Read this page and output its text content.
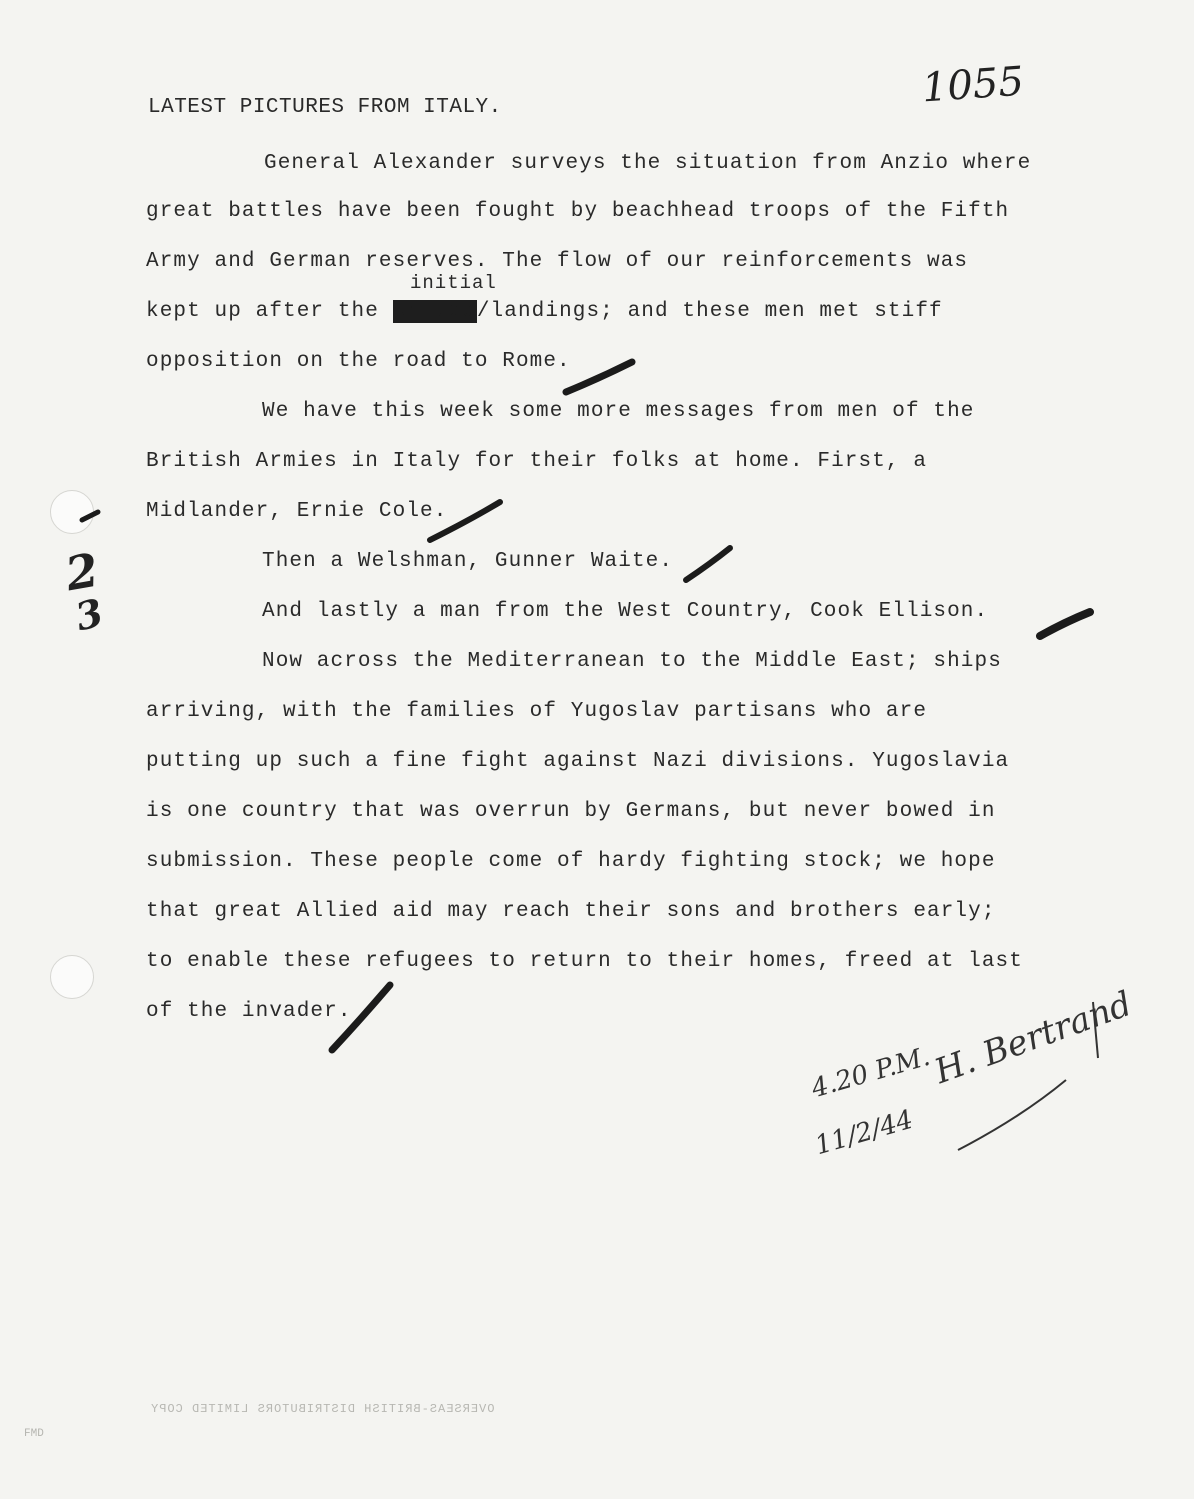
1055
LATEST PICTURES FROM ITALY.
initial
General Alexander surveys the situation from Anzio where
great battles have been fought by beachhead troops of the Fifth
Army and German reserves. The flow of our reinforcements was
kept up after the United/landings; and these men met stiff
opposition on the road to Rome.
We have this week some more messages from men of the
British Armies in Italy for their folks at home. First, a
Midlander, Ernie Cole.
Then a Welshman, Gunner Waite.
And lastly a man from the West Country, Cook Ellison.
Now across the Mediterranean to the Middle East; ships
arriving, with the families of Yugoslav partisans who are
putting up such a fine fight against Nazi divisions. Yugoslavia
is one country that was overrun by Germans, but never bowed in
submission. These people come of hardy fighting stock; we hope
that great Allied aid may reach their sons and brothers early;
to enable these refugees to return to their homes, freed at last
of the invader.
2
3
4.20 P.M.
H. Bertrand
11/2/44
OVERSEAS-BRITISH DISTRIBUTORS LIMITED COPY
FMD
